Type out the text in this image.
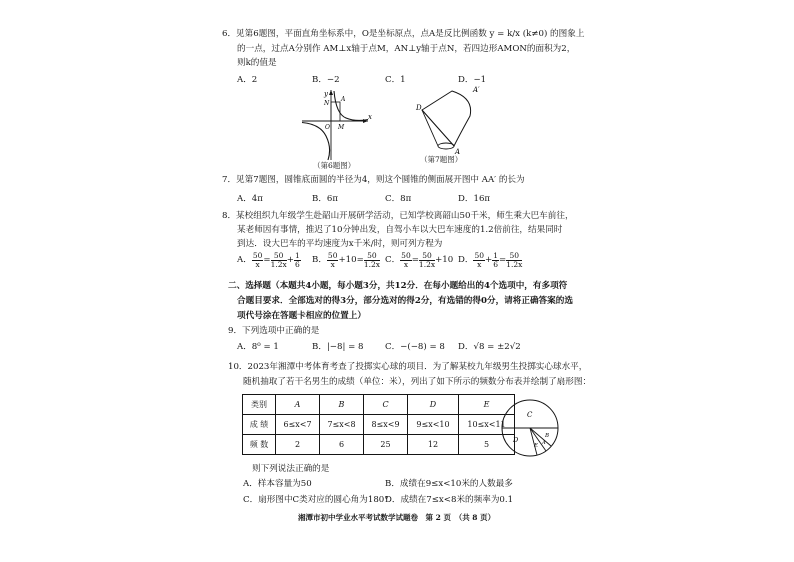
6．见第6题图，平面直角坐标系中，O是坐标原点，点A是反比例函数 y = k/x (k≠0) 的图象上
的一点，过点A分别作 AM⊥x轴于点M，AN⊥y轴于点N，若四边形AMON的面积为2，
则k的值是
A．2	B．−2	C．1	D．−1
y
x
O M
N
A
（第6题图）
D
A′
A
（第7题图）
7．见第7题图，圆锥底面圆的半径为4，则这个圆锥的侧面展开图中 AA′ 的长为
A．4π	B．6π	C．8π	D．16π
8．某校组织九年级学生赴韶山开展研学活动，已知学校离韶山50千米，师生乘大巴车前往，
某老师因有事情，推迟了10分钟出发，自驾小车以大巴车速度的1.2倍前往，结果同时
到达．设大巴车的平均速度为x千米/时，则可列方程为
A． $\frac{50}{x} = \frac{50}{1.2x} + \frac{1}{6}$ B． $\frac{50}{x} +10= \frac{50}{1.2x}$ C． $\frac{50}{x} = \frac{50}{1.2x} +10$ D． $\frac{50}{x} + \frac{1}{6} = \frac{50}{1.2x}$
二、选择题（本题共4小题，每小题3分，共12分．在每小题给出的4个选项中，有多项符
合题目要求．全部选对的得3分，部分选对的得2分，有选错的得0分，请将正确答案的选
项代号涂在答题卡相应的位置上）
9．下列选项中正确的是
A．8⁰ = 1	B．|−8| = 8	C．−(−8) = 8 D．√8 = ±2√2
10．2023年湘潭中考体育考查了投掷实心球的项目．为了解某校九年级男生投掷实心球水平，
随机抽取了若干名男生的成绩（单位：米），列出了如下所示的频数分布表并绘制了扇形图：
类别	A	B	C	D	E
成 绩	6≤x<7	7≤x<8	8≤x<9	9≤x<10	10≤x<11
频 数	2	6	25	12	5
C
D	B
A
E
则下列说法正确的是
A．样本容量为50	B．成绩在9≤x<10米的人数最多
C．扇形图中C类对应的圆心角为180°
D．成绩在7≤x<8米的频率为0.1
湘潭市初中学业水平考试数学试题卷　第 2 页　（共 8 页）
